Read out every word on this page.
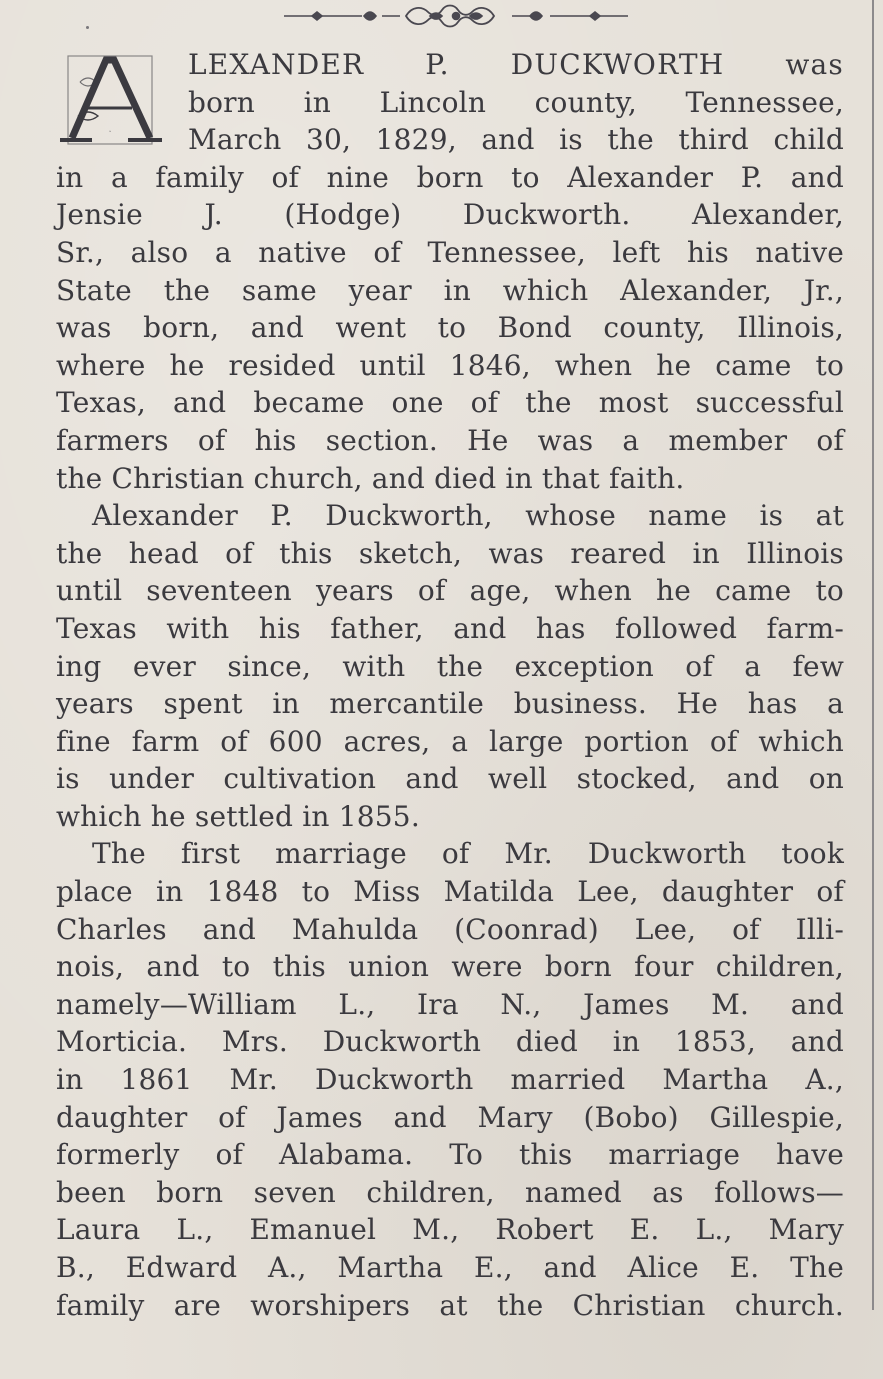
A
LEXANDER P. DUCKWORTH was
born in Lincoln county, Tennessee,
March 30, 1829, and is the third child
in a family of nine born to Alexander P. and
Jensie J. (Hodge) Duckworth. Alexander,
Sr., also a native of Tennessee, left his native
State the same year in which Alexander, Jr.,
was born, and went to Bond county, Illinois,
where he resided until 1846, when he came to
Texas, and became one of the most successful
farmers of his section. He was a member of
the Christian church, and died in that faith.
Alexander P. Duckworth, whose name is at
the head of this sketch, was reared in Illinois
until seventeen years of age, when he came to
Texas with his father, and has followed farm-
ing ever since, with the exception of a few
years spent in mercantile business. He has a
fine farm of 600 acres, a large portion of which
is under cultivation and well stocked, and on
which he settled in 1855.
The first marriage of Mr. Duckworth took
place in 1848 to Miss Matilda Lee, daughter of
Charles and Mahulda (Coonrad) Lee, of Illi-
nois, and to this union were born four children,
namely—William L., Ira N., James M. and
Morticia. Mrs. Duckworth died in 1853, and
in 1861 Mr. Duckworth married Martha A.,
daughter of James and Mary (Bobo) Gillespie,
formerly of Alabama. To this marriage have
been born seven children, named as follows—
Laura L., Emanuel M., Robert E. L., Mary
B., Edward A., Martha E., and Alice E. The
family are worshipers at the Christian church.
